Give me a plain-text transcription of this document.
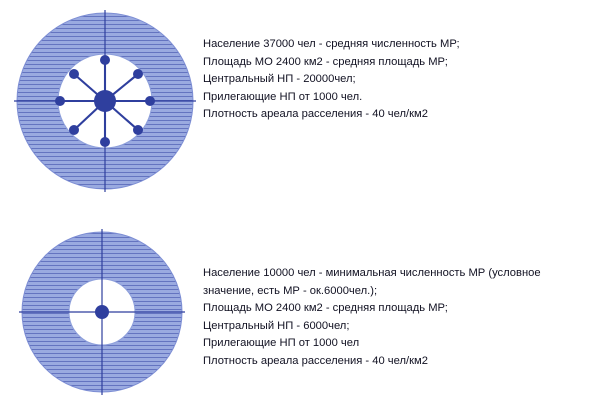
Население 37000 чел - средняя численность МР;
Площадь МО 2400 км2 - средняя площадь МР;
Центральный НП - 20000чел;
Прилегающие НП от 1000 чел.
Плотность ареала расселения - 40 чел/км2
Население 10000 чел - минимальная численность МР (условное
значение, есть МР - ок.6000чел.);
Площадь МО 2400 км2 - средняя площадь МР;
Центральный НП - 6000чел;
Прилегающие НП от 1000 чел
Плотность ареала расселения - 40 чел/км2
